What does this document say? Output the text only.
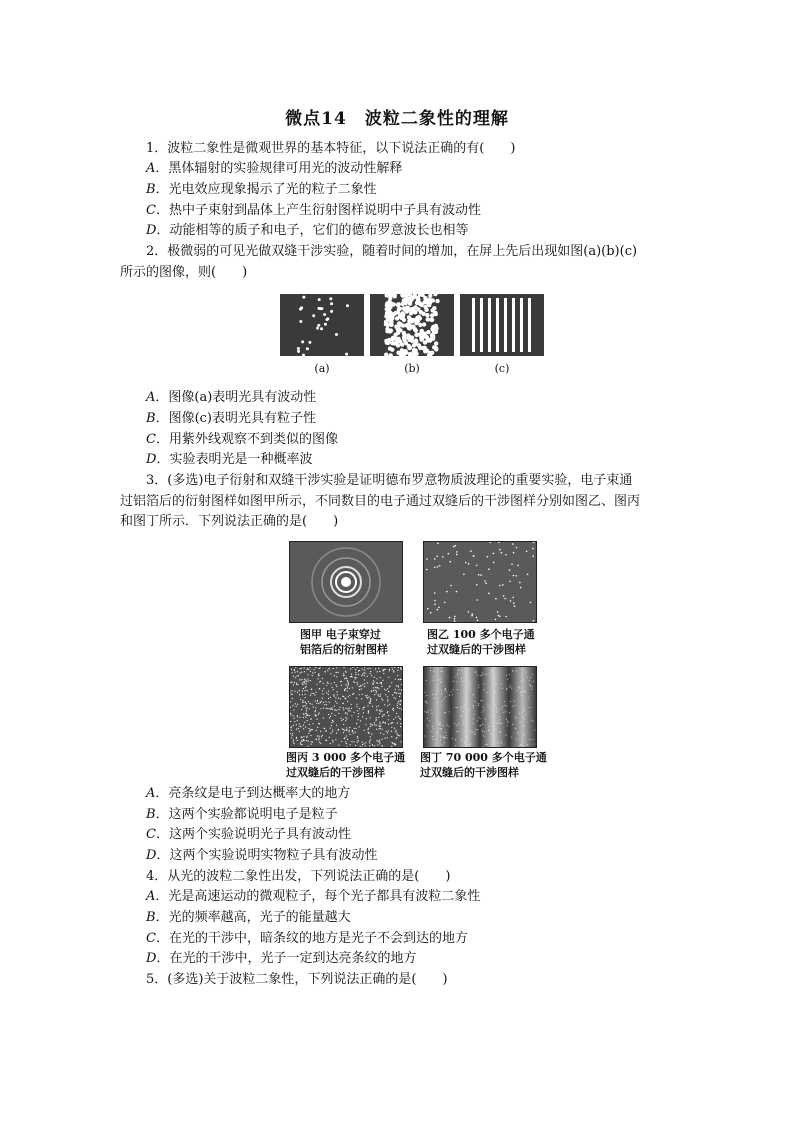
微点14　波粒二象性的理解
1．波粒二象性是微观世界的基本特征，以下说法正确的有(　　)
A．黑体辐射的实验规律可用光的波动性解释
B．光电效应现象揭示了光的粒子二象性
C．热中子束射到晶体上产生衍射图样说明中子具有波动性
D．动能相等的质子和电子，它们的德布罗意波长也相等
2．极微弱的可见光做双缝干涉实验，随着时间的增加，在屏上先后出现如图(a)(b)(c)
所示的图像，则(　　)
(a)	(b)	(c)
A．图像(a)表明光具有波动性
B．图像(c)表明光具有粒子性
C．用紫外线观察不到类似的图像
D．实验表明光是一种概率波
3．(多选)电子衍射和双缝干涉实验是证明德布罗意物质波理论的重要实验，电子束通
过铝箔后的衍射图样如图甲所示，不同数目的电子通过双缝后的干涉图样分别如图乙、图丙
和图丁所示．下列说法正确的是(　　)
图甲 电子束穿过
铝箔后的衍射图样
图乙 100 多个电子通
过双缝后的干涉图样
图丙 3 000 多个电子通
过双缝后的干涉图样
图丁 70 000 多个电子通
过双缝后的干涉图样
A．亮条纹是电子到达概率大的地方
B．这两个实验都说明电子是粒子
C．这两个实验说明光子具有波动性
D．这两个实验说明实物粒子具有波动性
4．从光的波粒二象性出发，下列说法正确的是(　　)
A．光是高速运动的微观粒子，每个光子都具有波粒二象性
B．光的频率越高，光子的能量越大
C．在光的干涉中，暗条纹的地方是光子不会到达的地方
D．在光的干涉中，光子一定到达亮条纹的地方
5．(多选)关于波粒二象性，下列说法正确的是(　　)
